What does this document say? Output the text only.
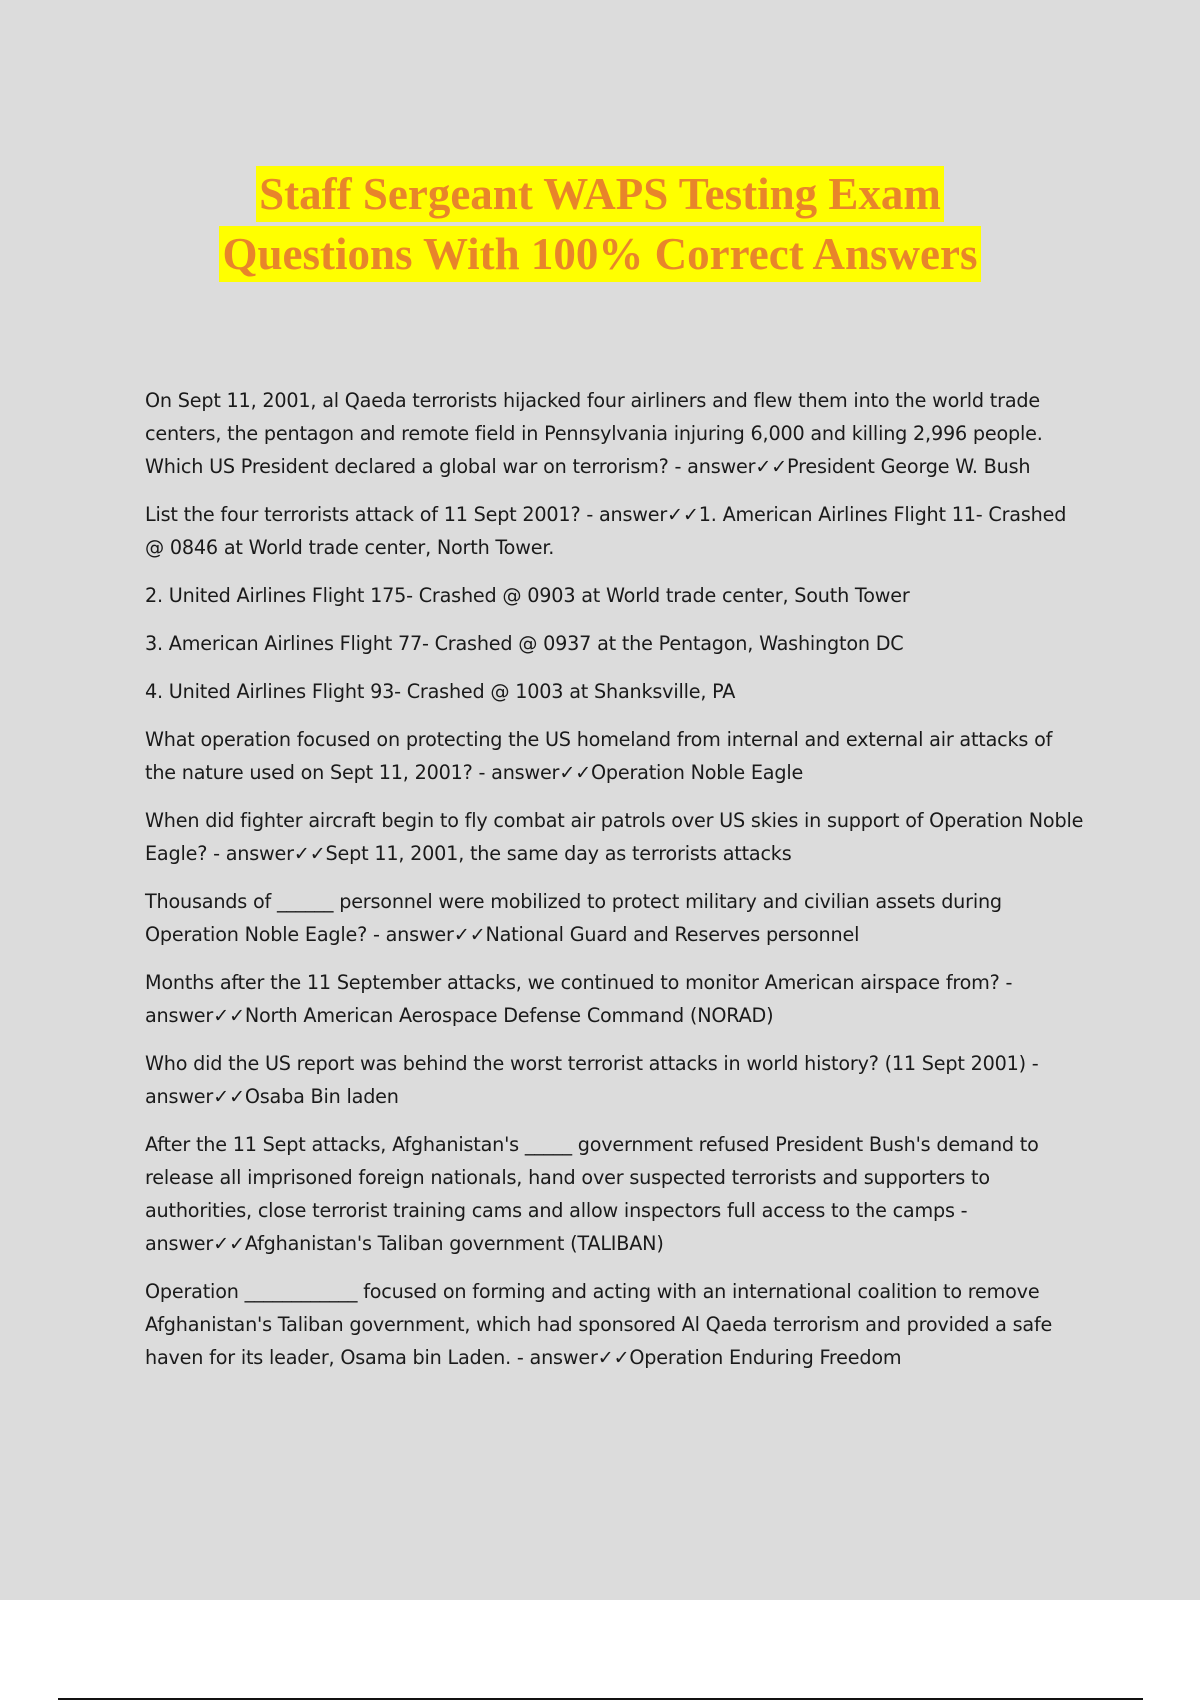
Staff Sergeant WAPS Testing Exam
Questions With 100% Correct Answers

On Sept 11, 2001, al Qaeda terrorists hijacked four airliners and flew them into the world trade centers, the pentagon and remote field in Pennsylvania injuring 6,000 and killing 2,996 people. Which US President declared a global war on terrorism? - answer✓✓President George W. Bush

List the four terrorists attack of 11 Sept 2001? - answer✓✓1. American Airlines Flight 11- Crashed @ 0846 at World trade center, North Tower.

2. United Airlines Flight 175- Crashed @ 0903 at World trade center, South Tower

3. American Airlines Flight 77- Crashed @ 0937 at the Pentagon, Washington DC

4. United Airlines Flight 93- Crashed @ 1003 at Shanksville, PA

What operation focused on protecting the US homeland from internal and external air attacks of the nature used on Sept 11, 2001? - answer✓✓Operation Noble Eagle

When did fighter aircraft begin to fly combat air patrols over US skies in support of Operation Noble Eagle? - answer✓✓Sept 11, 2001, the same day as terrorists attacks

Thousands of ______ personnel were mobilized to protect military and civilian assets during Operation Noble Eagle? - answer✓✓National Guard and Reserves personnel

Months after the 11 September attacks, we continued to monitor American airspace from? - answer✓✓North American Aerospace Defense Command (NORAD)

Who did the US report was behind the worst terrorist attacks in world history? (11 Sept 2001) - answer✓✓Osaba Bin laden

After the 11 Sept attacks, Afghanistan's _____ government refused President Bush's demand to release all imprisoned foreign nationals, hand over suspected terrorists and supporters to authorities, close terrorist training cams and allow inspectors full access to the camps - answer✓✓Afghanistan's Taliban government (TALIBAN)

Operation ____________ focused on forming and acting with an international coalition to remove Afghanistan's Taliban government, which had sponsored Al Qaeda terrorism and provided a safe haven for its leader, Osama bin Laden. - answer✓✓Operation Enduring Freedom
